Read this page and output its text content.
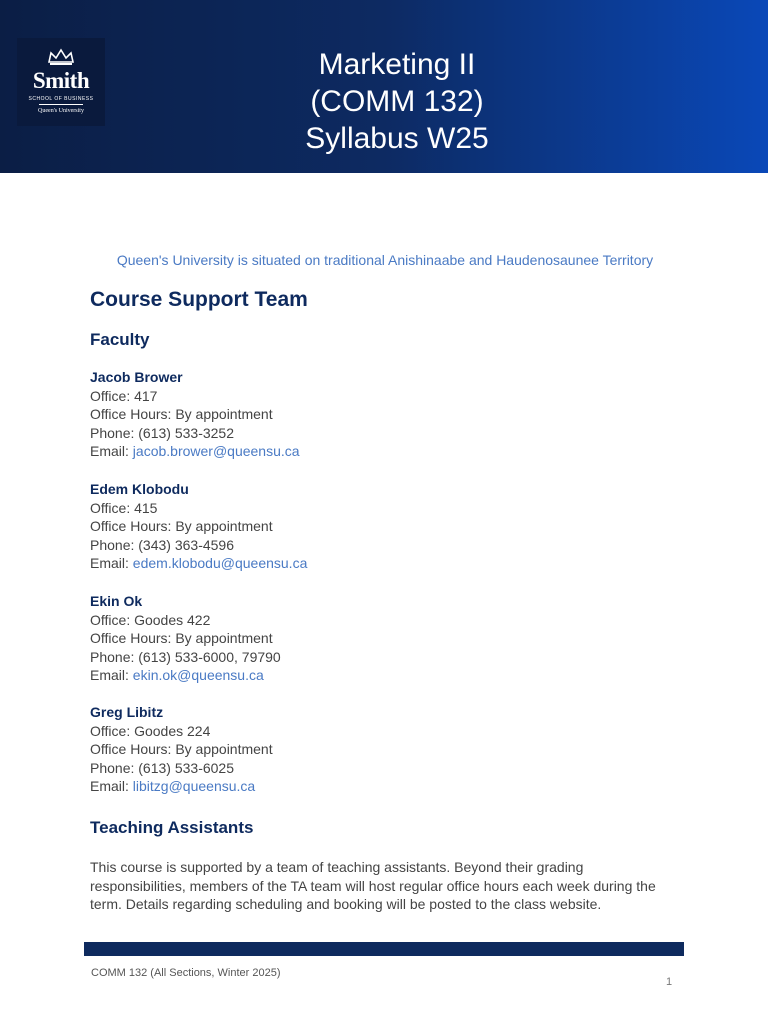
Smith
SCHOOL OF BUSINESS
Queen's University
Marketing II
(COMM 132)
Syllabus W25
Queen's University is situated on traditional Anishinaabe and Haudenosaunee Territory
Course Support Team
Faculty
Jacob Brower
Office: 417
Office Hours: By appointment
Phone: (613) 533-3252
Email: jacob.brower@queensu.ca
Edem Klobodu
Office: 415
Office Hours: By appointment
Phone: (343) 363-4596
Email: edem.klobodu@queensu.ca
Ekin Ok
Office: Goodes 422
Office Hours: By appointment
Phone: (613) 533-6000, 79790
Email: ekin.ok@queensu.ca
Greg Libitz
Office: Goodes 224
Office Hours: By appointment
Phone: (613) 533-6025
Email: libitzg@queensu.ca
Teaching Assistants
This course is supported by a team of teaching assistants. Beyond their grading responsibilities, members of the TA team will host regular office hours each week during the term. Details regarding scheduling and booking will be posted to the class website.
COMM 132 (All Sections, Winter 2025)
1
